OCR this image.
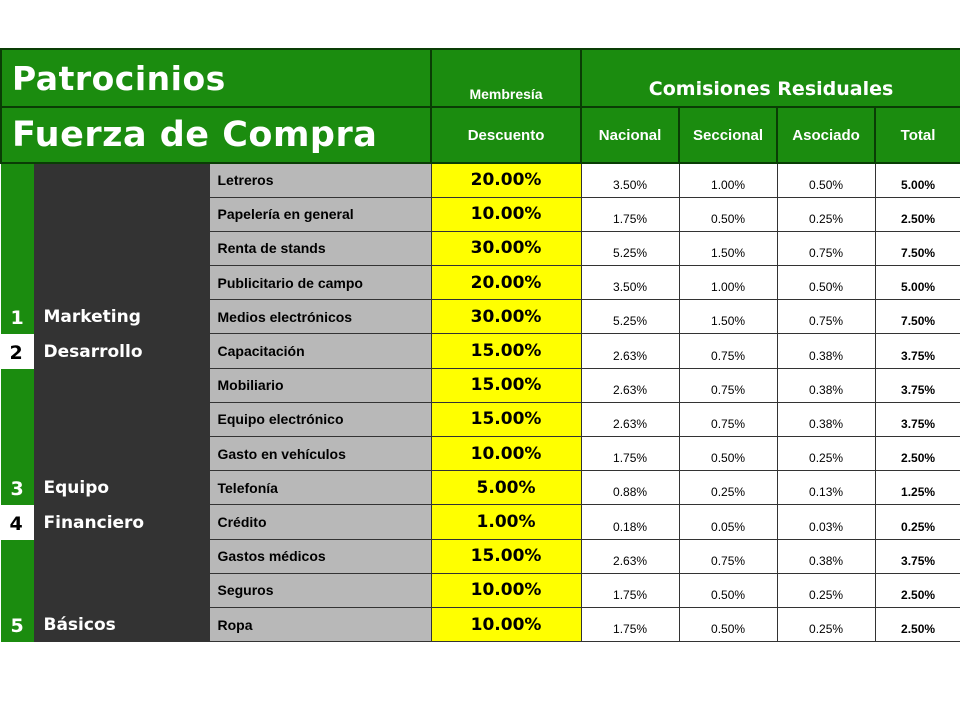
Patrocinios			Membresía	Comisiones Residuales			
Fuerza de Compra			Descuento	Nacional	Seccional	Asociado	Total
1	Marketing	Letreros	20.00%	3.50%	1.00%	0.50%	5.00%
		Papelería en general	10.00%	1.75%	0.50%	0.25%	2.50%
		Renta de stands	30.00%	5.25%	1.50%	0.75%	7.50%
		Publicitario de campo	20.00%	3.50%	1.00%	0.50%	5.00%
		Medios electrónicos	30.00%	5.25%	1.50%	0.75%	7.50%
2	Desarrollo	Capacitación	15.00%	2.63%	0.75%	0.38%	3.75%
3	Equipo	Mobiliario	15.00%	2.63%	0.75%	0.38%	3.75%
		Equipo electrónico	15.00%	2.63%	0.75%	0.38%	3.75%
		Gasto en vehículos	10.00%	1.75%	0.50%	0.25%	2.50%
		Telefonía	5.00%	0.88%	0.25%	0.13%	1.25%
4	Financiero	Crédito	1.00%	0.18%	0.05%	0.03%	0.25%
5	Básicos	Gastos médicos	15.00%	2.63%	0.75%	0.38%	3.75%
		Seguros	10.00%	1.75%	0.50%	0.25%	2.50%
		Ropa	10.00%	1.75%	0.50%	0.25%	2.50%
